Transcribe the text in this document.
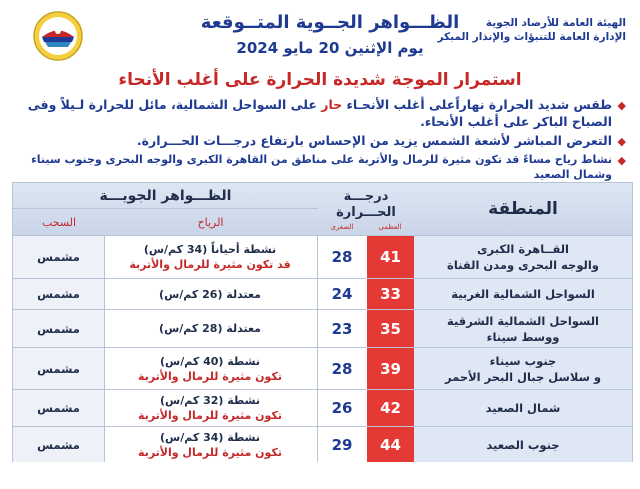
الهيئة العامة للأرصاد الجوية
الإدارة العامة للتنبؤات والإنذار المبكر
الظـــواهر الجــوية المتــوقعة
يوم الإثنين 20 مايو 2024
استمرار الموجة شديدة الحرارة على أغلب الأنحاء
◆
طقس شديد الحرارة نهاراًعلى أغلب الأنحـاء حار على السواحل الشمالية، مائل للحرارة لـيلاً وفى الصباح الباكر على أغلب الأنحاء.
◆
التعرض المباشر لأشعة الشمس يزيد من الإحساس بارتفاع درجـــات الحـــرارة.
◆
نشاط رياح مساءً قد تكون مثيرة للرمال والأتربة على مناطق من القاهرة الكبرى والوجه البحرى وجنوب سيناء وشمال الصعيد
المنطقة
درجـــة
الحـــرارة
العظمى
الصغرى
الظـــواهر الجويـــة
الرياح
السحب
القــاهرة الكبرى
والوجه البحرى ومدن القناة
41
28
نشطة أحياناً (34 كم/س)
قد تكون مثيرة للرمال والأتربة
مشمس
السواحل الشمالية الغربية
33
24
معتدلة (26 كم/س)
مشمس
السواحل الشمالية الشرقية
ووسط سيناء
35
23
معتدلة (28 كم/س)
مشمس
جنوب سيناء
و سلاسل جبال البحر الأحمر
39
28
نشطة (40 كم/س)
تكون مثيرة للرمال والأتربة
مشمس
شمال الصعيد
42
26
نشطة (32 كم/س)
تكون مثيرة للرمال والأتربة
مشمس
جنوب الصعيد
44
29
نشطة (34 كم/س)
تكون مثيرة للرمال والأتربة
مشمس
